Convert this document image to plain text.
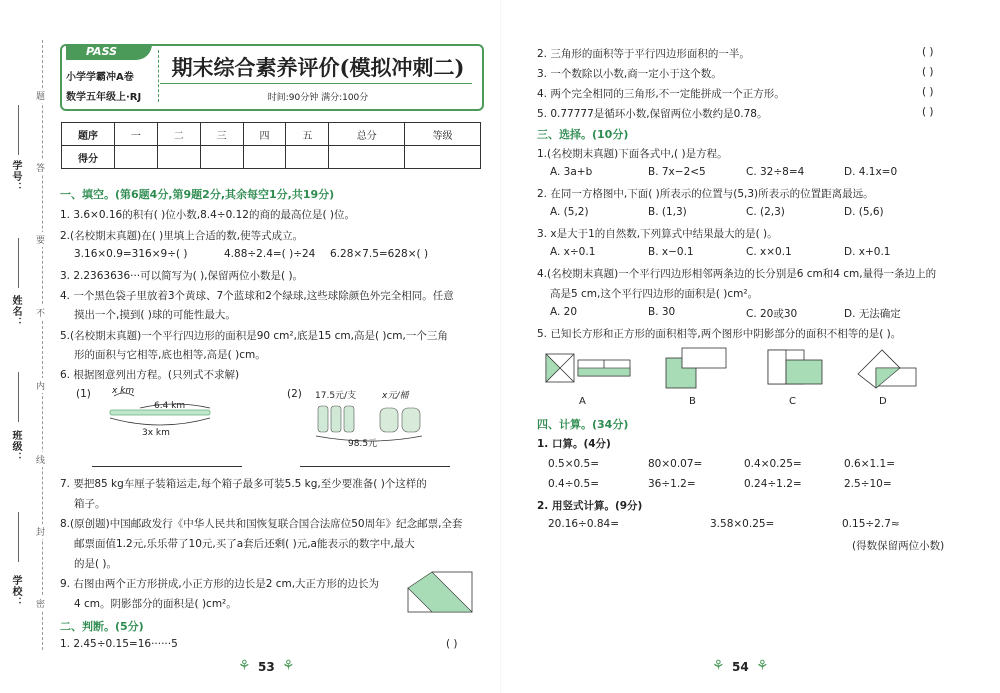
学号：
姓名：
班级：
学校：
题
答
要
不
内
线
封
密
PASS
小学学霸冲A卷
数学五年级上·RJ
期末综合素养评价(模拟冲刺二)
时间:90分钟 满分:100分
题序	一	二	三	四	五	总分	等级
得分							
一、填空。(第6题4分,第9题2分,其余每空1分,共19分)
1. 3.6×0.16的积有( )位小数,8.4÷0.12的商的最高位是( )位。
2.(名校期末真题)在( )里填上合适的数,使等式成立。
3.16×0.9=316×9÷( )	4.88÷2.4=( )÷24 6.28×7.5=628×( )
3. 2.2363636···可以简写为( ),保留两位小数是( )。
4. 一个黑色袋子里放着3个黄球、7个蓝球和2个绿球,这些球除颜色外完全相同。任意
摸出一个,摸到( )球的可能性最大。
5.(名校期末真题)一个平行四边形的面积是90 cm²,底是15 cm,高是( )cm,一个三角
形的面积与它相等,底也相等,高是( )cm。
6. 根据图意列出方程。(只列式不求解)
(1)	(2)
x km
6.4 km
3x km
17.5元/支	x元/桶
98.5元
7. 要把85 kg车厘子装箱运走,每个箱子最多可装5.5 kg,至少要准备( )个这样的
箱子。
8.(原创题)中国邮政发行《中华人民共和国恢复联合国合法席位50周年》纪念邮票,全套
邮票面值1.2元,乐乐带了10元,买了a套后还剩( )元,a能表示的数字中,最大
的是( )。
9. 右图由两个正方形拼成,小正方形的边长是2 cm,大正方形的边长为
4 cm。阴影部分的面积是( )cm²。
二、判断。(5分)
1. 2.45÷0.15=16······5	( )
⚘ 53 ⚘
2. 三角形的面积等于平行四边形面积的一半。	( )
3. 一个数除以小数,商一定小于这个数。	( )
4. 两个完全相同的三角形,不一定能拼成一个正方形。	( )
5. 0.77777是循环小数,保留两位小数约是0.78。	( )
三、选择。(10分)
1.(名校期末真题)下面各式中,( )是方程。
A. 3a+b	B. 7x−2<5	C. 32÷8=4	D. 4.1x=0
2. 在同一方格图中,下面( )所表示的位置与(5,3)所表示的位置距离最远。
A. (5,2)	B. (1,3)	C. (2,3)	D. (5,6)
3. x是大于1的自然数,下列算式中结果最大的是( )。
A. x÷0.1	B. x−0.1	C. x×0.1	D. x+0.1
4.(名校期末真题)一个平行四边形相邻两条边的长分别是6 cm和4 cm,量得一条边上的
高是5 cm,这个平行四边形的面积是( )cm²。
A. 20	B. 30	C. 20或30	D. 无法确定
5. 已知长方形和正方形的面积相等,两个图形中阴影部分的面积不相等的是( )。
A	B	C	D
四、计算。(34分)
1. 口算。(4分)
0.5×0.5=	80×0.07=	0.4×0.25=	0.6×1.1=
0.4÷0.5=	36÷1.2=	0.24÷1.2=	2.5÷10=
2. 用竖式计算。(9分)
20.16÷0.84=	3.58×0.25=	0.15÷2.7≈
(得数保留两位小数)
⚘ 54 ⚘
